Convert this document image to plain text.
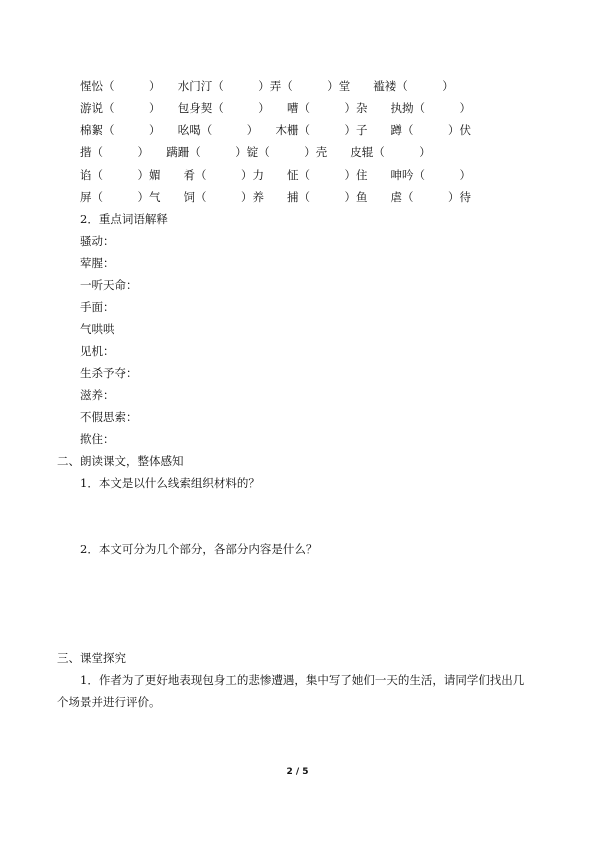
惺忪（　　　）　　水门汀（　　　）弄（　　　）堂　　褴褛（　　　）
游说（　　　）　　包身契（　　　）　　嘈（　　　）杂　　执拗（　　　）
棉絮（　　　）　　吆喝（　　　）　　木栅（　　　）子　　蹲（　　　）伏
揩（　　　）　　蹒跚（　　　）锭（　　　）壳　　皮辊（　　　）
谄（　　　）媚　　肴（　　　）力　　怔（　　　）住　　呻吟（　　　）
屏（　　　）气　　饲（　　　）养　　捕（　　　）鱼　　虐（　　　）待
2．重点词语解释
骚动：
荤腥：
一听天命：
手面：
气哄哄
见机：
生杀予夺：
滋养：
不假思索：
揿住：
二、朗读课文，整体感知
1．本文是以什么线索组织材料的？
2．本文可分为几个部分，各部分内容是什么？
三、课堂探究
1．作者为了更好地表现包身工的悲惨遭遇，集中写了她们一天的生活，请同学们找出几
个场景并进行评价。
2 / 5
